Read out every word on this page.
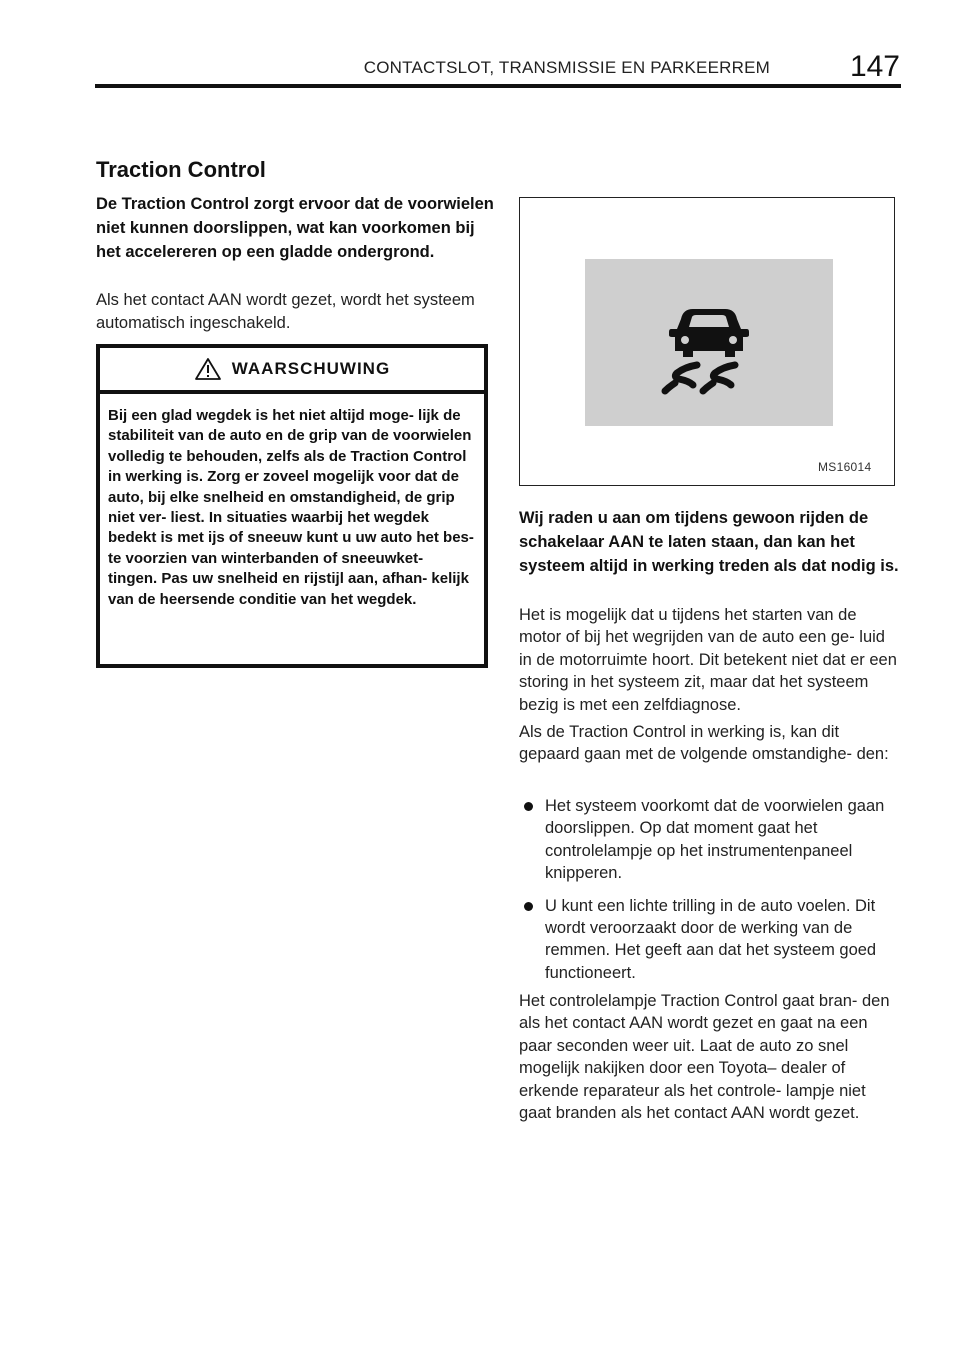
CONTACTSLOT, TRANSMISSIE EN PARKEERREM	147
Traction Control

De Traction Control zorgt ervoor dat de voorwielen niet kunnen doorslippen, wat kan voorkomen bij het accelereren op een gladde ondergrond.

Als het contact AAN wordt gezet, wordt het systeem automatisch ingeschakeld.

WAARSCHUWING

Bij een glad wegdek is het niet altijd moge- lijk de stabiliteit van de auto en de grip van de voorwielen volledig te behouden, zelfs als de Traction Control in werking is. Zorg er zoveel mogelijk voor dat de auto, bij elke snelheid en omstandigheid, de grip niet ver- liest. In situaties waarbij het wegdek bedekt is met ijs of sneeuw kunt u uw auto het bes- te voorzien van winterbanden of sneeuwket- tingen. Pas uw snelheid en rijstijl aan, afhan- kelijk van de heersende conditie van het wegdek.

MS16014

Wij raden u aan om tijdens gewoon rijden de schakelaar AAN te laten staan, dan kan het systeem altijd in werking treden als dat nodig is.

Het is mogelijk dat u tijdens het starten van de motor of bij het wegrijden van de auto een ge- luid in de motorruimte hoort. Dit betekent niet dat er een storing in het systeem zit, maar dat het systeem bezig is met een zelfdiagnose.

Als de Traction Control in werking is, kan dit gepaard gaan met de volgende omstandighe- den:

Het systeem voorkomt dat de voorwielen gaan doorslippen. Op dat moment gaat het controlelampje op het instrumentenpaneel knipperen.
U kunt een lichte trilling in de auto voelen. Dit wordt veroorzaakt door de werking van de remmen. Het geeft aan dat het systeem goed functioneert.

Het controlelampje Traction Control gaat bran- den als het contact AAN wordt gezet en gaat na een paar seconden weer uit. Laat de auto zo snel mogelijk nakijken door een Toyota– dealer of erkende reparateur als het controle- lampje niet gaat branden als het contact AAN wordt gezet.
